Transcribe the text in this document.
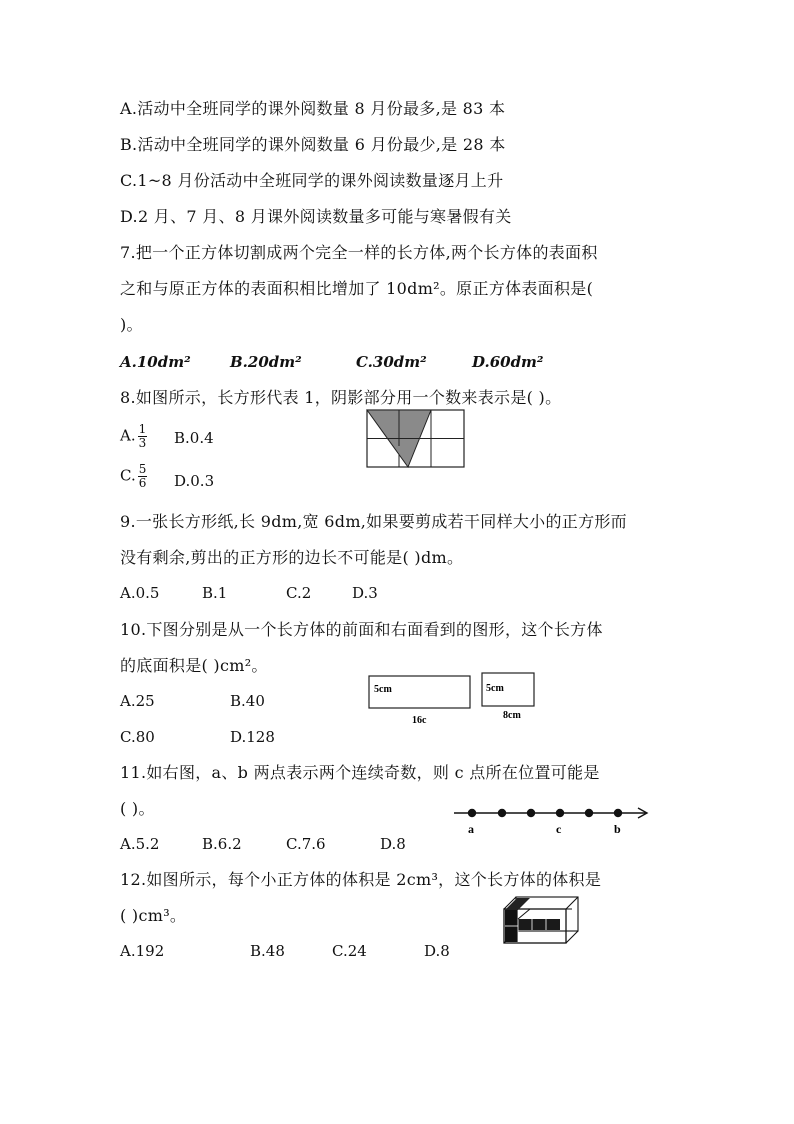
A.活动中全班同学的课外阅数量 8 月份最多,是 83 本
B.活动中全班同学的课外阅数量 6 月份最少,是 28 本
C.1~8 月份活动中全班同学的课外阅读数量逐月上升
D.2 月、7 月、8 月课外阅读数量多可能与寒暑假有关
7.把一个正方体切割成两个完全一样的长方体,两个长方体的表面积
之和与原正方体的表面积相比增加了 10dm²。原正方体表面积是(
)。
A.10dm²	B.20dm²	C.30dm²	D.60dm²
8.如图所示，长方形代表 1，阴影部分用一个数来表示是( )。
A. $\frac{1}{3} B.0.4$
C. $\frac{5}{6} D.0.3$
9.一张长方形纸,长 9dm,宽 6dm,如果要剪成若干同样大小的正方形而
没有剩余,剪出的正方形的边长不可能是( )dm。
A.0.5	B.1	C.2	D.3
10.下图分别是从一个长方体的前面和右面看到的图形，这个长方体
的底面积是( )cm²。
A.25	B.40
C.80	D.128
5cm
16c
5cm
8cm
11.如右图，a、b 两点表示两个连续奇数，则 c 点所在位置可能是
( )。
A.5.2	B.6.2	C.7.6	D.8
a	c	b
12.如图所示，每个小正方体的体积是 2cm³，这个长方体的体积是
( )cm³。
A.192	B.48	C.24	D.8
